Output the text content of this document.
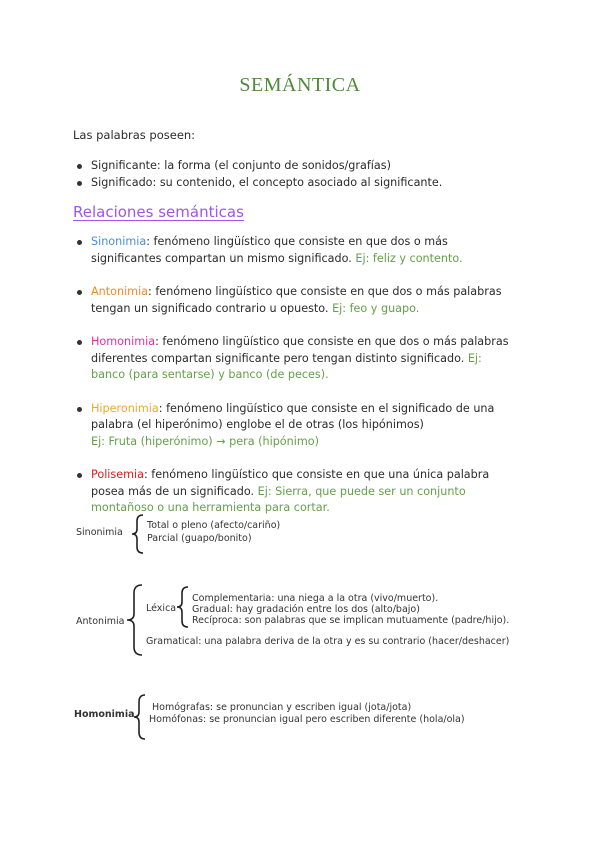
SEMÁNTICA
Las palabras poseen:
Significante: la forma (el conjunto de sonidos/grafías)
Significado: su contenido, el concepto asociado al significante.
Relaciones semánticas
Sinonimia: fenómeno lingüístico que consiste en que dos o más significantes compartan un mismo significado. Ej: feliz y contento.
Antonimia: fenómeno lingüístico que consiste en que dos o más palabras tengan un significado contrario u opuesto. Ej: feo y guapo.
Homonimia: fenómeno lingüístico que consiste en que dos o más palabras diferentes compartan significante pero tengan distinto significado. Ej: banco (para sentarse) y banco (de peces).
Hiperonimia: fenómeno lingüístico que consiste en el significado de una palabra (el hiperónimo) englobe el de otras (los hipónimos)
Ej: Fruta (hiperónimo) → pera (hipónimo)
Polisemia: fenómeno lingüístico que consiste en que una única palabra posea más de un significado. Ej: Sierra, que puede ser un conjunto montañoso o una herramienta para cortar.
Sinonimia
Total o pleno (afecto/cariño)
Parcial (guapo/bonito)
Antonimia
Léxica
Complementaria: una niega a la otra (vivo/muerto).
Gradual: hay gradación entre los dos (alto/bajo)
Recíproca: son palabras que se implican mutuamente (padre/hijo).
Gramatical: una palabra deriva de la otra y es su contrario (hacer/deshacer)
Homonimia
Homógrafas: se pronuncian y escriben igual (jota/jota)
Homófonas: se pronuncian igual pero escriben diferente (hola/ola)
